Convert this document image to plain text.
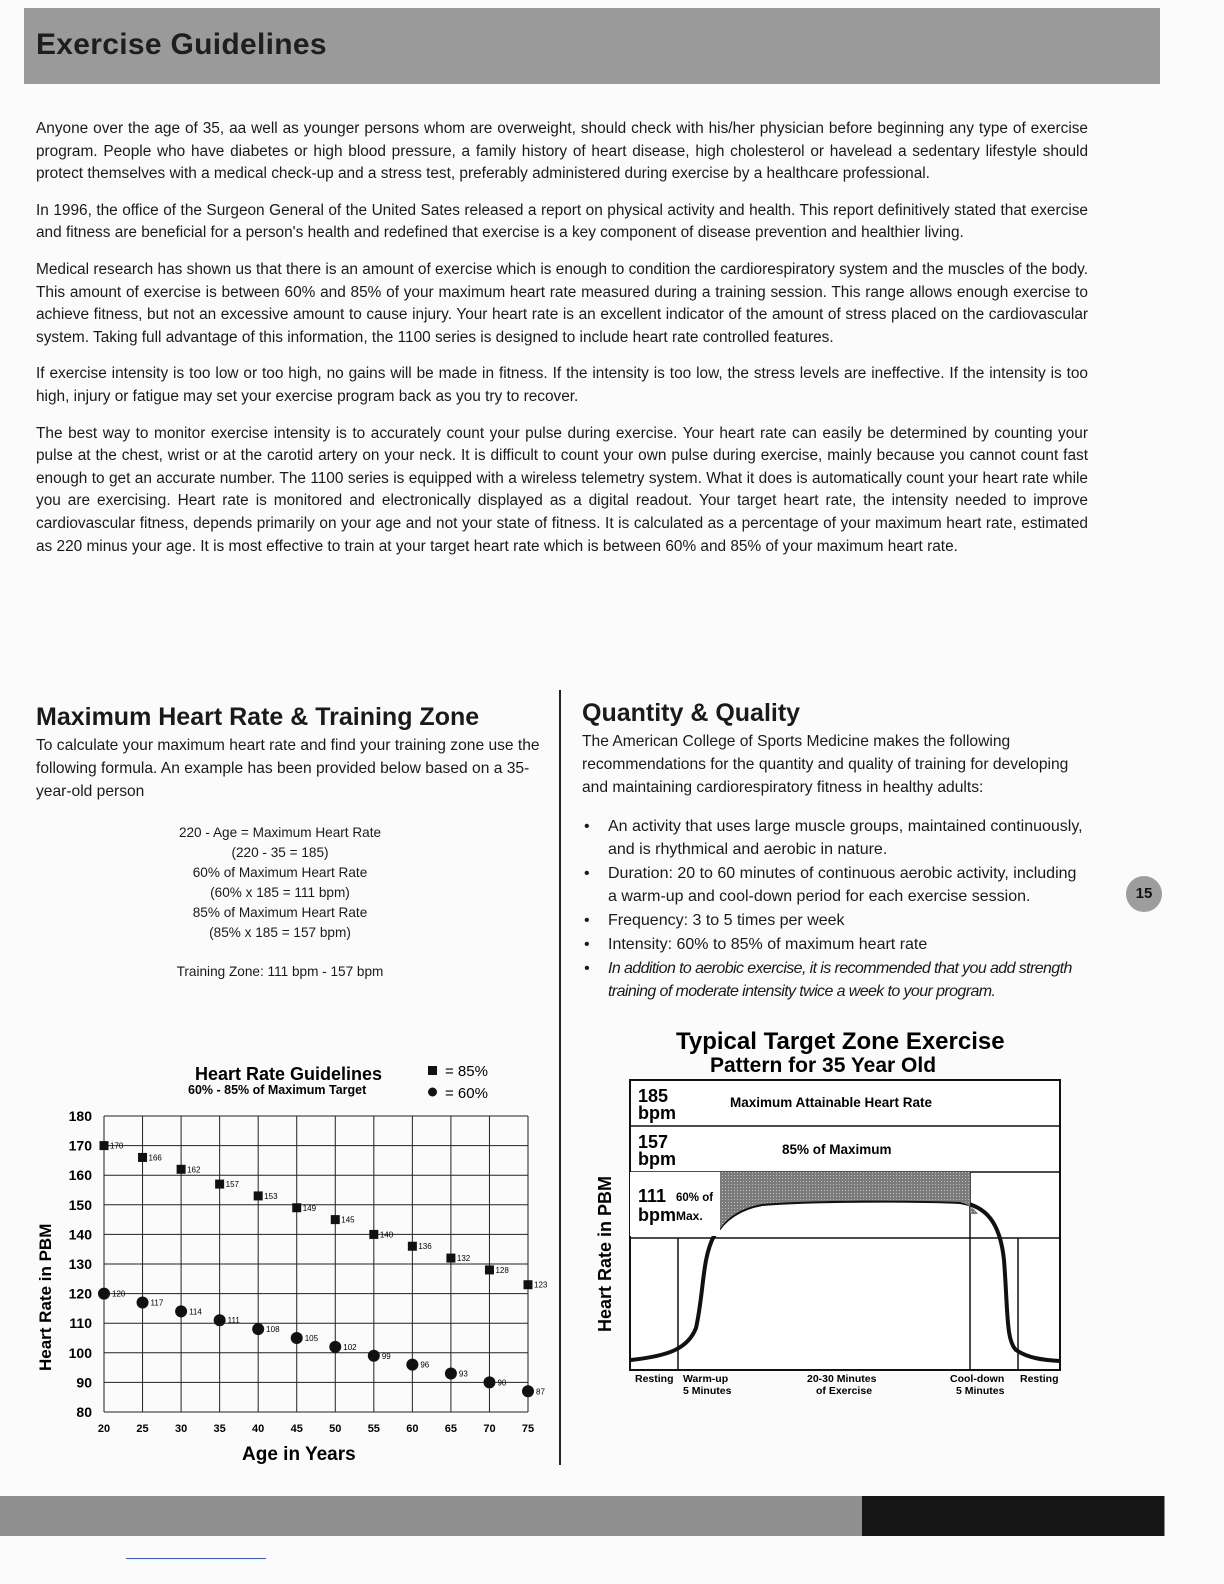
Exercise Guidelines

Anyone over the age of 35, aa well as younger persons whom are overweight, should check with his/her physician before beginning any type of exercise program. People who have diabetes or high blood pressure, a family history of heart disease, high cholesterol or havelead a sedentary lifestyle should protect themselves with a medical check-up and a stress test, preferably administered during exercise by a healthcare professional.

In 1996, the office of the Surgeon General of the United Sates released a report on physical activity and health. This report definitively stated that exercise and fitness are beneficial for a person's health and redefined that exercise is a key component of disease prevention and healthier living.

Medical research has shown us that there is an amount of exercise which is enough to condition the cardiorespiratory system and the muscles of the body. This amount of exercise is between 60% and 85% of your maximum heart rate measured during a training session. This range allows enough exercise to achieve fitness, but not an excessive amount to cause injury. Your heart rate is an excellent indicator of the amount of stress placed on the cardiovascular system. Taking full advantage of this information, the 1100 series is designed to include heart rate controlled features.

If exercise intensity is too low or too high, no gains will be made in fitness. If the intensity is too low, the stress levels are ineffective. If the intensity is too high, injury or fatigue may set your exercise program back as you try to recover.

The best way to monitor exercise intensity is to accurately count your pulse during exercise. Your heart rate can easily be determined by counting your pulse at the chest, wrist or at the carotid artery on your neck. It is difficult to count your own pulse during exercise, mainly because you cannot count fast enough to get an accurate number. The 1100 series is equipped with a wireless telemetry system. What it does is automatically count your heart rate while you are exercising. Heart rate is monitored and electronically displayed as a digital readout. Your target heart rate, the intensity needed to improve cardiovascular fitness, depends primarily on your age and not your state of fitness. It is calculated as a percentage of your maximum heart rate, estimated as 220 minus your age. It is most effective to train at your target heart rate which is between 60% and 85% of your maximum heart rate.

Maximum Heart Rate & Training Zone

To calculate your maximum heart rate and find your training zone use the following formula. An example has been provided below based on a 35-year-old person

220 - Age = Maximum Heart Rate
(220 - 35 = 185)
60% of Maximum Heart Rate
(60% x 185 = 111 bpm)
85% of Maximum Heart Rate
(85% x 185 = 157 bpm)
Training Zone: 111 bpm - 157 bpm
Quantity & Quality

The American College of Sports Medicine makes the following recommendations for the quantity and quality of training for developing and maintaining cardiorespiratory fitness in healthy adults:

• An activity that uses large muscle groups, maintained continuously, and is rhythmical and aerobic in nature.
• Duration: 20 to 60 minutes of continuous aerobic activity, including a warm-up and cool-down period for each exercise session.
• Frequency: 3 to 5 times per week
• Intensity: 60% to 85% of maximum heart rate
• In addition to aerobic exercise, it is recommended that you add strength training of moderate intensity twice a week to your program.
Heart Rate Guidelines
60% - 85% of Maximum Target
= 85%
= 60%
180
170
160
150
140
130
120
110
100
90
80
20 25 30 35 40 45 50 55 60 65 70 75
170
166
162
157
153
149
145
140
136
132
128
123
120
117
114
111
108
105
102
99
96
93
90
87
Heart Rate in PBM
Age in Years
Typical Target Zone Exercise
Pattern for 35 Year Old
Heart Rate in PBM
185
bpm
Maximum Attainable Heart Rate
157
bpm	85% of Maximum
111
bpm
60% of
Max.
Resting Warm-up
5 Minutes
20-30 Minutes
of Exercise
Cool-down
5 Minutes
Resting
15
